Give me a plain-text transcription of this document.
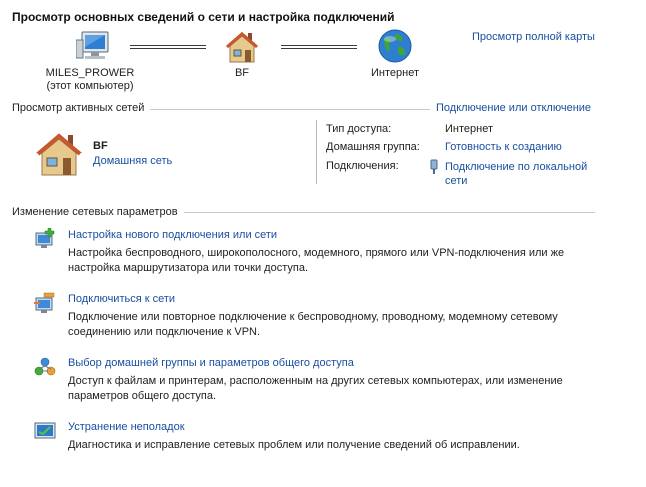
Просмотр основных сведений о сети и настройка подключений
Просмотр полной карты
MILES_PROWER
(этот компьютер)
BF	Интернет
Просмотр активных сетей	Подключение или отключение
BF
Домашняя сеть
Тип доступа:	Интернет
Домашняя группа: Готовность к созданию
Подключения:	Подключение по локальной
сети
Изменение сетевых параметров
Настройка нового подключения или сети
Настройка беспроводного, широкополосного, модемного, прямого или VPN-подключения или же
настройка маршрутизатора или точки доступа.
Подключиться к сети
Подключение или повторное подключение к беспроводному, проводному, модемному сетевому
соединению или подключение к VPN.
Выбор домашней группы и параметров общего доступа
Доступ к файлам и принтерам, расположенным на других сетевых компьютерах, или изменение
параметров общего доступа.
Устранение неполадок
Диагностика и исправление сетевых проблем или получение сведений об исправлении.
